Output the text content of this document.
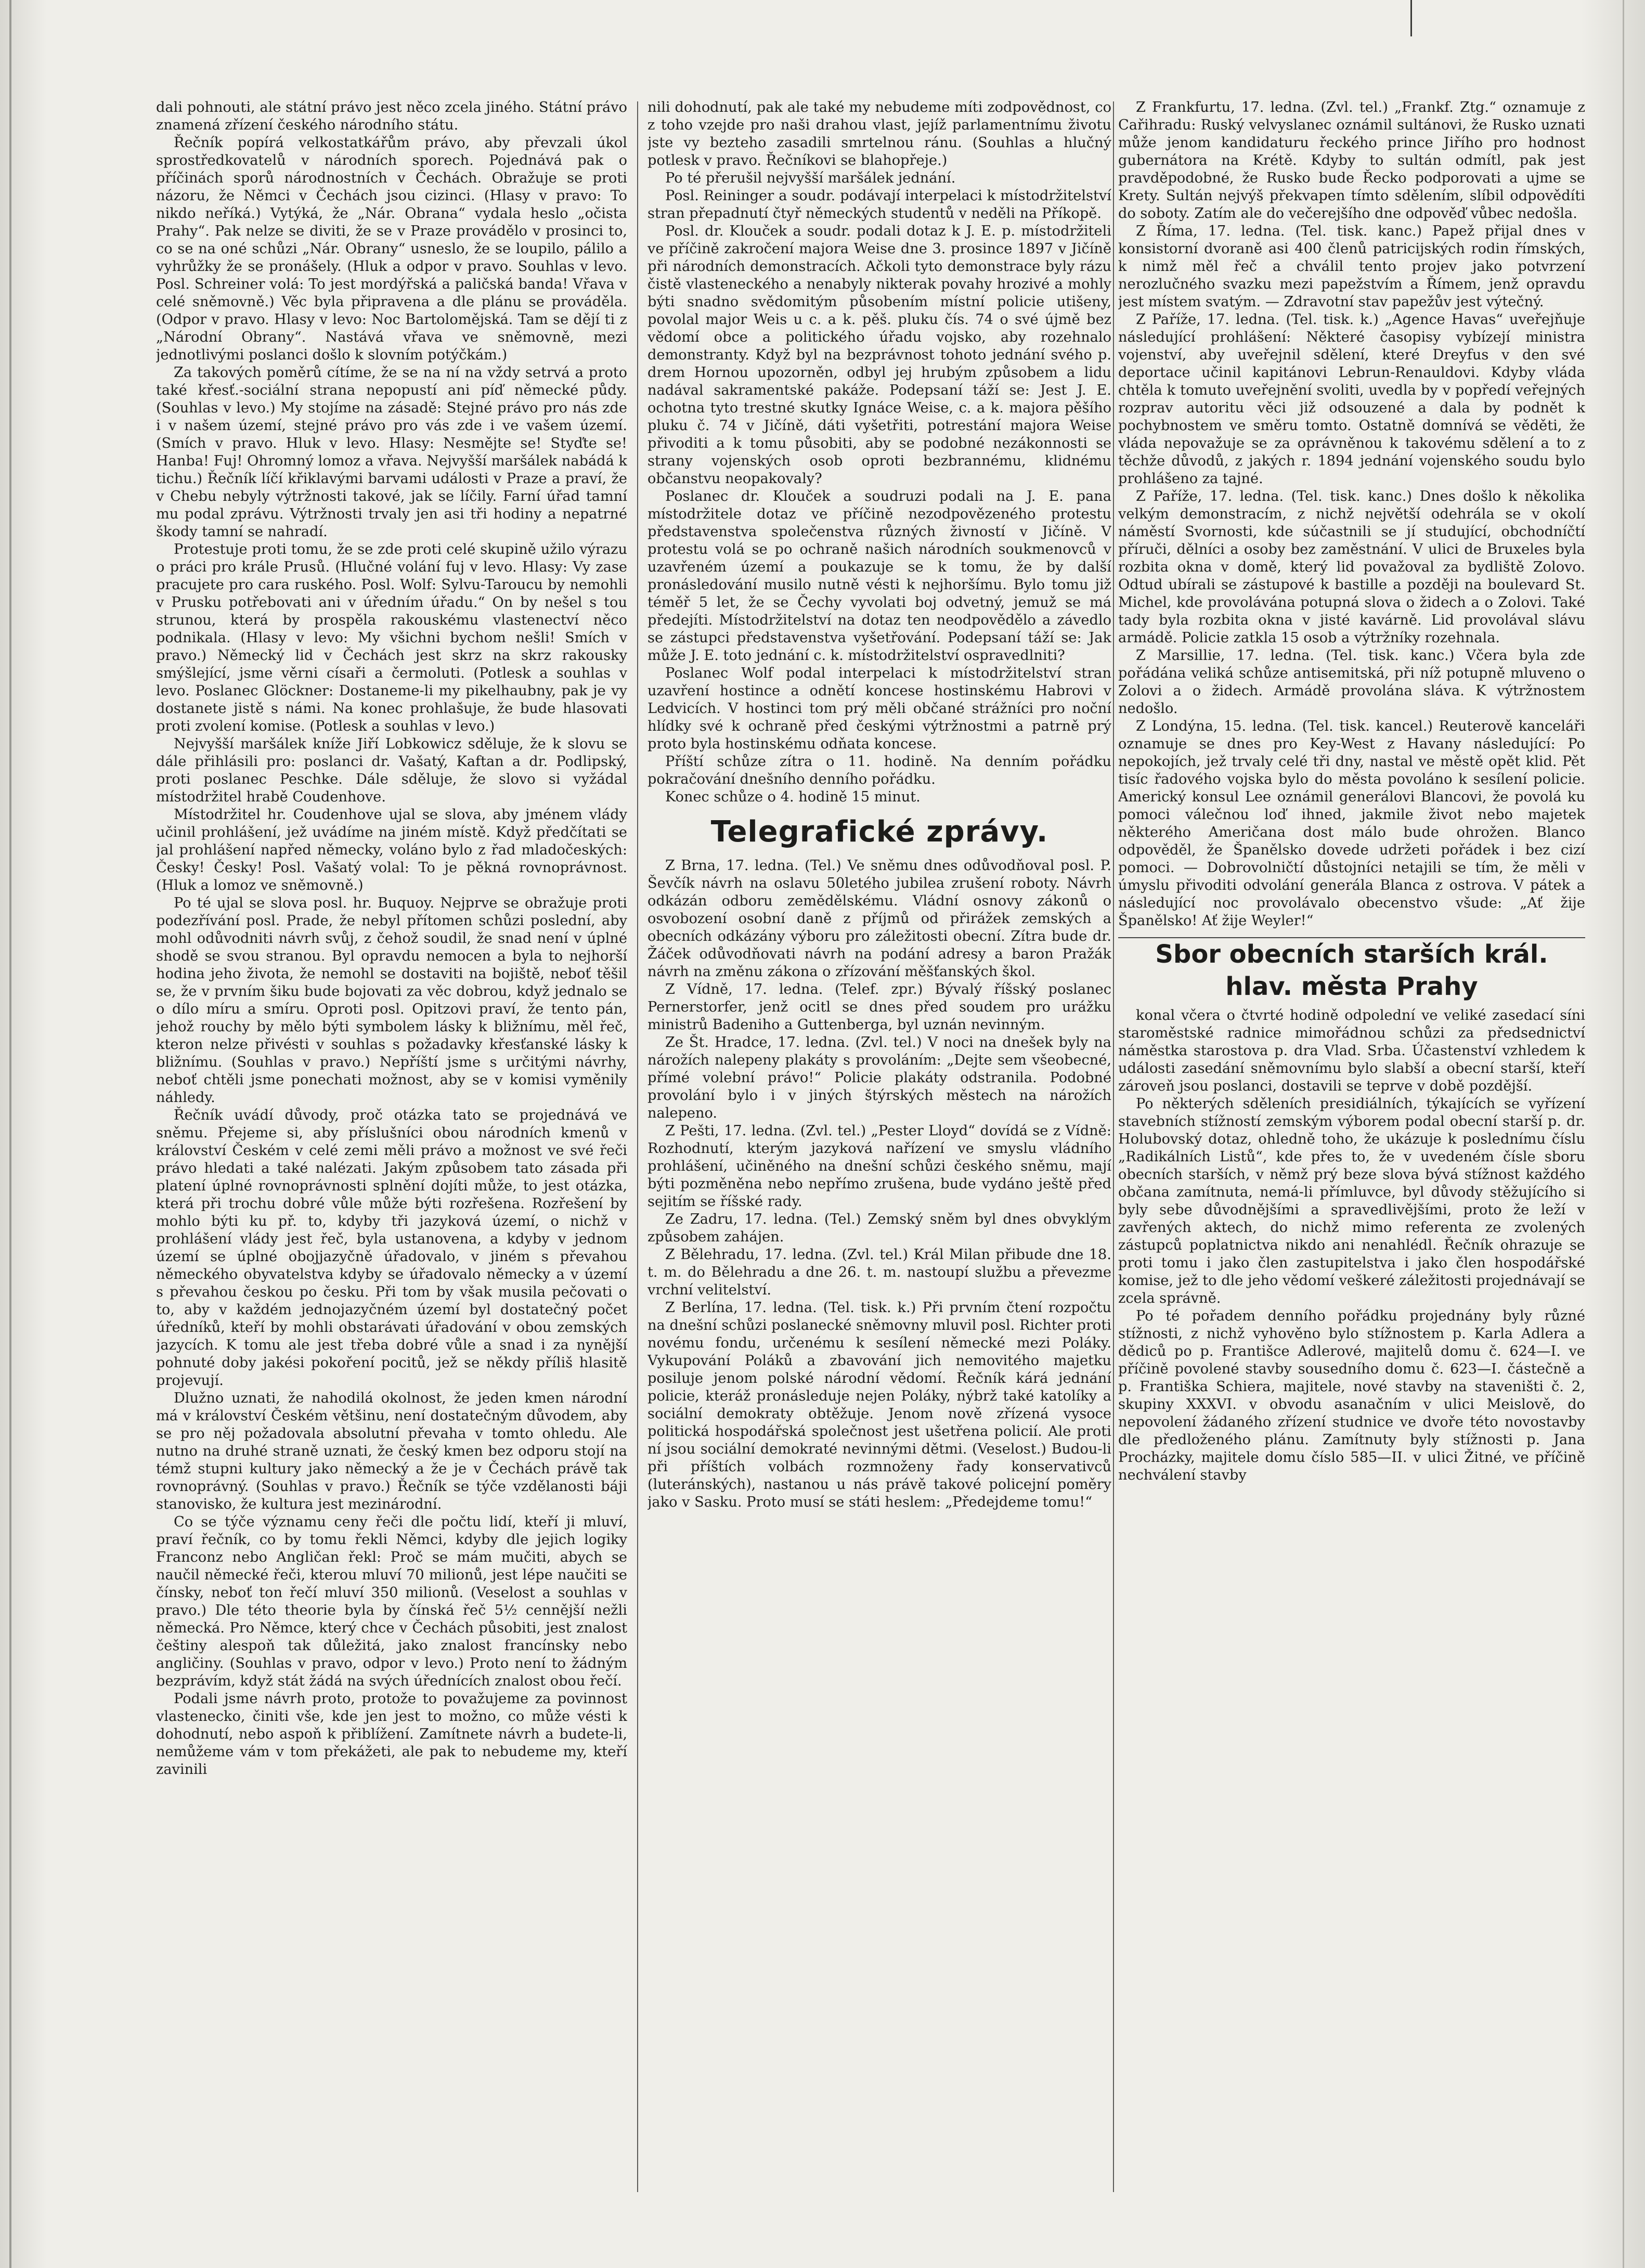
dali pohnouti, ale státní právo jest něco zcela jiného. Státní právo znamená zřízení českého národního státu.

Řečník popírá velkostatkářům právo, aby převzali úkol sprostředkovatelů v národních sporech. Pojednává pak o příčinách sporů národnostních v Čechách. Obražuje se proti názoru, že Němci v Čechách jsou cizinci. (Hlasy v pravo: To nikdo neříká.) Vytýká, že „Nár. Obrana“ vydala heslo „očista Prahy“. Pak nelze se diviti, že se v Praze provádělo v prosinci to, co se na oné schůzi „Nár. Obrany“ usneslo, že se loupilo, pálilo a vyhrůžky že se pronášely. (Hluk a odpor v pravo. Souhlas v levo. Posl. Schreiner volá: To jest mordýřská a paličská banda! Vřava v celé sněmovně.) Věc byla připravena a dle plánu se prováděla. (Odpor v pravo. Hlasy v levo: Noc Bartolomějská. Tam se dějí ti z „Národní Obrany“. Nastává vřava ve sněmovně, mezi jednotlivými poslanci došlo k slovním potýčkám.)

Za takových poměrů cítíme, že se na ní na vždy setrvá a proto také křesť.-sociální strana nepopustí ani píď německé půdy. (Souhlas v levo.) My stojíme na zásadě: Stejné právo pro nás zde i v našem území, stejné právo pro vás zde i ve vašem území. (Smích v pravo. Hluk v levo. Hlasy: Nesmějte se! Styďte se! Hanba! Fuj! Ohromný lomoz a vřava. Nejvyšší maršálek nabádá k tichu.) Řečník líčí křiklavými barvami události v Praze a praví, že v Chebu nebyly výtržnosti takové, jak se líčily. Farní úřad tamní mu podal zprávu. Výtržnosti trvaly jen asi tři hodiny a nepatrné škody tamní se nahradí.

Protestuje proti tomu, že se zde proti celé skupině užilo výrazu o práci pro krále Prusů. (Hlučné volání fuj v levo. Hlasy: Vy zase pracujete pro cara ruského. Posl. Wolf: Sylvu-Taroucu by nemohli v Prusku potřebovati ani v úředním úřadu.“ On by nešel s tou strunou, která by prospěla rakouskému vlastenectví něco podnikala. (Hlasy v levo: My všichni bychom nešli! Smích v pravo.) Německý lid v Čechách jest skrz na skrz rakousky smýšlející, jsme věrni císaři a čermoluti. (Potlesk a souhlas v levo. Poslanec Glöckner: Dostaneme-li my pikelhaubny, pak je vy dostanete jistě s námi. Na konec prohlašuje, že bude hlasovati proti zvolení komise. (Potlesk a souhlas v levo.)

Nejvyšší maršálek kníže Jiří Lobkowicz sděluje, že k slovu se dále přihlásili pro: poslanci dr. Vašatý, Kaftan a dr. Podlipský, proti poslanec Peschke. Dále sděluje, že slovo si vyžádal místodržitel hrabě Coudenhove.

Místodržitel hr. Coudenhove ujal se slova, aby jménem vlády učinil prohlášení, jež uvádíme na jiném místě. Když předčítati se jal prohlášení napřed německy, voláno bylo z řad mladočeských: Česky! Česky! Posl. Vašatý volal: To je pěkná rovnoprávnost. (Hluk a lomoz ve sněmovně.)

Po té ujal se slova posl. hr. Buquoy. Nejprve se obražuje proti podezřívání posl. Prade, že nebyl přítomen schůzi poslední, aby mohl odůvodniti návrh svůj, z čehož soudil, že snad není v úplné shodě se svou stranou. Byl opravdu nemocen a byla to nejhorší hodina jeho života, že nemohl se dostaviti na bojiště, neboť těšil se, že v prvním šiku bude bojovati za věc dobrou, když jednalo se o dílo míru a smíru. Oproti posl. Opitzovi praví, že tento pán, jehož rouchy by mělo býti symbolem lásky k bližnímu, měl řeč, kteron nelze přivésti v souhlas s požadavky křesťanské lásky k bližnímu. (Souhlas v pravo.) Nepříští jsme s určitými návrhy, neboť chtěli jsme ponechati možnost, aby se v komisi vyměnily náhledy.

Řečník uvádí důvody, proč otázka tato se projednává ve sněmu. Přejeme si, aby příslušníci obou národních kmenů v království Českém v celé zemi měli právo a možnost ve své řeči právo hledati a také nalézati. Jakým způsobem tato zásada při platení úplné rovnoprávnosti splnění dojíti může, to jest otázka, která při trochu dobré vůle může býti rozřešena. Rozřešení by mohlo býti ku př. to, kdyby tři jazyková území, o nichž v prohlášení vlády jest řeč, byla ustanovena, a kdyby v jednom území se úplné obojjazyčně úřadovalo, v jiném s převahou německého obyvatelstva kdyby se úřadovalo německy a v území s převahou českou po česku. Při tom by však musila pečovati o to, aby v každém jednojazyčném území byl dostatečný počet úředníků, kteří by mohli obstarávati úřadování v obou zemských jazycích. K tomu ale jest třeba dobré vůle a snad i za nynější pohnuté doby jakési pokoření pocitů, jež se někdy příliš hlasitě projevují.

Dlužno uznati, že nahodilá okolnost, že jeden kmen národní má v království Českém většinu, není dostatečným důvodem, aby se pro něj požadovala absolutní převaha v tomto ohledu. Ale nutno na druhé straně uznati, že český kmen bez odporu stojí na témž stupni kultury jako německý a že je v Čechách právě tak rovnoprávný. (Souhlas v pravo.) Řečník se týče vzdělanosti báji stanovisko, že kultura jest mezinárodní.

Co se týče významu ceny řeči dle počtu lidí, kteří ji mluví, praví řečník, co by tomu řekli Němci, kdyby dle jejich logiky Franconz nebo Angličan řekl: Proč se mám mučiti, abych se naučil německé řeči, kterou mluví 70 milionů, jest lépe naučiti se čínsky, neboť ton řečí mluví 350 milionů. (Veselost a souhlas v pravo.) Dle této theorie byla by čínská řeč 5½ cennější nežli německá. Pro Němce, který chce v Čechách působiti, jest znalost češtiny alespoň tak důležitá, jako znalost francínsky nebo angličiny. (Souhlas v pravo, odpor v levo.) Proto není to žádným bezprávím, když stát žádá na svých úřednících znalost obou řečí.

Podali jsme návrh proto, protože to považujeme za povinnost vlastenecko, činiti vše, kde jen jest to možno, co může vésti k dohodnutí, nebo aspoň k přiblížení. Zamítnete návrh a budete-li, nemůžeme vám v tom překážeti, ale pak to nebudeme my, kteří zavinili

nili dohodnutí, pak ale také my nebudeme míti zodpovědnost, co z toho vzejde pro naši drahou vlast, jejíž parlamentnímu životu jste vy bezteho zasadili smrtelnou ránu. (Souhlas a hlučný potlesk v pravo. Řečníkovi se blahopřeje.)

Po té přerušil nejvyšší maršálek jednání.

Posl. Reininger a soudr. podávají interpelaci k místodržitelství stran přepadnutí čtyř německých studentů v neděli na Příkopě.

Posl. dr. Klouček a soudr. podali dotaz k J. E. p. místodržiteli ve příčině zakročení majora Weise dne 3. prosince 1897 v Jičíně při národních demonstracích. Ačkoli tyto demonstrace byly rázu čistě vlasteneckého a nenabyly nikterak povahy hrozivé a mohly býti snadno svědomitým působením místní policie utišeny, povolal major Weis u c. a k. pěš. pluku čís. 74 o své újmě bez vědomí obce a politického úřadu vojsko, aby rozehnalo demonstranty. Když byl na bezprávnost tohoto jednání svého p. drem Hornou upozorněn, odbyl jej hrubým způsobem a lidu nadával sakramentské pakáže. Podepsaní táží se: Jest J. E. ochotna tyto trestné skutky Ignáce Weise, c. a k. majora pěšího pluku č. 74 v Jičíně, dáti vyšetřiti, potrestání majora Weise přivoditi a k tomu působiti, aby se podobné nezákonnosti se strany vojenských osob oproti bezbrannému, klidnému občanstvu neopakovaly?

Poslanec dr. Klouček a soudruzi podali na J. E. pana místodržitele dotaz ve příčině nezodpovězeného protestu představenstva společenstva různých živností v Jičíně. V protestu volá se po ochraně našich národních soukmenovců v uzavřeném území a poukazuje se k tomu, že by další pronásledování musilo nutně vésti k nejhoršímu. Bylo tomu již téměř 5 let, že se Čechy vyvolati boj odvetný, jemuž se má předejíti. Místodržitelství na dotaz ten neodpovědělo a závedlo se zástupci představenstva vyšetřování. Podepsaní táží se: Jak může J. E. toto jednání c. k. místodržitelství ospravedlniti?

Poslanec Wolf podal interpelaci k místodržitelství stran uzavření hostince a odnětí koncese hostinskému Habrovi v Ledvicích. V hostinci tom prý měli občané strážníci pro noční hlídky své k ochraně před českými výtržnostmi a patrně prý proto byla hostinskému odňata koncese.

Příští schůze zítra o 11. hodině. Na denním pořádku pokračování dnešního denního pořádku.

Konec schůze o 4. hodině 15 minut.

Telegrafické zprávy.

Z Brna, 17. ledna. (Tel.) Ve sněmu dnes odůvodňoval posl. P. Ševčík návrh na oslavu 50letého jubilea zrušení roboty. Návrh odkázán odboru zemědělskému. Vládní osnovy zákonů o osvobození osobní daně z příjmů od přirážek zemských a obecních odkázány výboru pro záležitosti obecní. Zítra bude dr. Žáček odůvodňovati návrh na podání adresy a baron Pražák návrh na změnu zákona o zřízování měšťanských škol.

Z Vídně, 17. ledna. (Telef. zpr.) Bývalý říšský poslanec Pernerstorfer, jenž ocitl se dnes před soudem pro urážku ministrů Badeniho a Guttenberga, byl uznán nevinným.

Ze Št. Hradce, 17. ledna. (Zvl. tel.) V noci na dnešek byly na nárožích nalepeny plakáty s provoláním: „Dejte sem všeobecné, přímé volební právo!“ Policie plakáty odstranila. Podobné provolání bylo i v jiných štýrských městech na nárožích nalepeno.

Z Pešti, 17. ledna. (Zvl. tel.) „Pester Lloyd“ dovídá se z Vídně: Rozhodnutí, kterým jazyková nařízení ve smyslu vládního prohlášení, učiněného na dnešní schůzi českého sněmu, mají býti pozměněna nebo nepřímo zrušena, bude vydáno ještě před sejitím se říšské rady.

Ze Zadru, 17. ledna. (Tel.) Zemský sněm byl dnes obvyklým způsobem zahájen.

Z Bělehradu, 17. ledna. (Zvl. tel.) Král Milan přibude dne 18. t. m. do Bělehradu a dne 26. t. m. nastoupí službu a převezme vrchní velitelství.

Z Berlína, 17. ledna. (Tel. tisk. k.) Při prvním čtení rozpočtu na dnešní schůzi poslanecké sněmovny mluvil posl. Richter proti novému fondu, určenému k sesílení německé mezi Poláky. Vykupování Poláků a zbavování jich nemovitého majetku posiluje jenom polské národní vědomí. Řečník kárá jednání policie, kteráž pronásleduje nejen Poláky, nýbrž také katolíky a sociální demokraty obtěžuje. Jenom nově zřízená vysoce politická hospodářská společnost jest ušetřena policií. Ale proti ní jsou sociální demokraté nevinnými dětmi. (Veselost.) Budou-li při příštích volbách rozmnoženy řady konservativců (luteránských), nastanou u nás právě takové policejní poměry jako v Sasku. Proto musí se státi heslem: „Předejdeme tomu!“

Z Frankfurtu, 17. ledna. (Zvl. tel.) „Frankf. Ztg.“ oznamuje z Cařihradu: Ruský velvyslanec oznámil sultánovi, že Rusko uznati může jenom kandidaturu řeckého prince Jiřího pro hodnost gubernátora na Krétě. Kdyby to sultán odmítl, pak jest pravděpodobné, že Rusko bude Řecko podporovati a ujme se Krety. Sultán nejvýš překvapen tímto sdělením, slíbil odpovědíti do soboty. Zatím ale do večerejšího dne odpověď vůbec nedošla.

Z Říma, 17. ledna. (Tel. tisk. kanc.) Papež přijal dnes v konsistorní dvoraně asi 400 členů patricijských rodin římských, k nimž měl řeč a chválil tento projev jako potvrzení nerozlučného svazku mezi papežstvím a Římem, jenž opravdu jest místem svatým. — Zdravotní stav papežův jest výtečný.

Z Paříže, 17. ledna. (Tel. tisk. k.) „Agence Havas“ uveřejňuje následující prohlášení: Některé časopisy vybízejí ministra vojenství, aby uveřejnil sdělení, které Dreyfus v den své deportace učinil kapitánovi Lebrun-Renauldovi. Kdyby vláda chtěla k tomuto uveřejnění svoliti, uvedla by v popředí veřejných rozprav autoritu věci již odsouzené a dala by podnět k pochybnostem ve směru tomto. Ostatně domnívá se věděti, že vláda nepovažuje se za oprávněnou k takovému sdělení a to z těchže důvodů, z jakých r. 1894 jednání vojenského soudu bylo prohlášeno za tajné.

Z Paříže, 17. ledna. (Tel. tisk. kanc.) Dnes došlo k několika velkým demonstracím, z nichž největší odehrála se v okolí náměstí Svornosti, kde súčastnili se jí studující, obchodníčtí příruči, dělníci a osoby bez zaměstnání. V ulici de Bruxeles byla rozbita okna v domě, který lid považoval za bydliště Zolovo. Odtud ubírali se zástupové k bastille a později na boulevard St. Michel, kde provolávána potupná slova o židech a o Zolovi. Také tady byla rozbita okna v jisté kavárně. Lid provolával slávu armádě. Policie zatkla 15 osob a výtržníky rozehnala.

Z Marsillie, 17. ledna. (Tel. tisk. kanc.) Včera byla zde pořádána veliká schůze antisemitská, při níž potupně mluveno o Zolovi a o židech. Armádě provolána sláva. K výtržnostem nedošlo.

Z Londýna, 15. ledna. (Tel. tisk. kancel.) Reuterově kanceláři oznamuje se dnes pro Key-West z Havany následující: Po nepokojích, jež trvaly celé tři dny, nastal ve městě opět klid. Pět tisíc řadového vojska bylo do města povoláno k sesílení policie. Americký konsul Lee oznámil generálovi Blancovi, že povolá ku pomoci válečnou loď ihned, jakmile život nebo majetek některého Američana dost málo bude ohrožen. Blanco odpověděl, že Španělsko dovede udržeti pořádek i bez cizí pomoci. — Dobrovolničtí důstojníci netajili se tím, že měli v úmyslu přivoditi odvolání generála Blanca z ostrova. V pátek a následující noc provolávalo obecenstvo všude: „Ať žije Španělsko! Ať žije Weyler!“

Sbor obecních starších král. hlav. města Prahy

konal včera o čtvrté hodině odpolední ve veliké zasedací síni staroměstské radnice mimořádnou schůzi za předsednictví náměstka starostova p. dra Vlad. Srba. Účastenství vzhledem k události zasedání sněmovnímu bylo slabší a obecní starší, kteří zároveň jsou poslanci, dostavili se teprve v době pozdější.

Po některých sděleních presidiálních, týkajících se vyřízení stavebních stížností zemským výborem podal obecní starší p. dr. Holubovský dotaz, ohledně toho, že ukázuje k poslednímu číslu „Radikálních Listů“, kde přes to, že v uvedeném čísle sboru obecních starších, v němž prý beze slova bývá stížnost každého občana zamítnuta, nemá-li přímluvce, byl důvody stěžujícího si byly sebe důvodnějšími a spravedlivějšími, proto že leží v zavřených aktech, do nichž mimo referenta ze zvolených zástupců poplatnictva nikdo ani nenahlédl. Řečník ohrazuje se proti tomu i jako člen zastupitelstva i jako člen hospodářské komise, jež to dle jeho vědomí veškeré záležitosti projednávají se zcela správně.

Po té pořadem denního pořádku projednány byly různé stížnosti, z nichž vyhověno bylo stížnostem p. Karla Adlera a dědiců po p. Františce Adlerové, majitelů domu č. 624—I. ve příčině povolené stavby sousedního domu č. 623—I. částečně a p. Františka Schiera, majitele, nové stavby na staveništi č. 2, skupiny XXXVI. v obvodu asanačním v ulici Meislově, do nepovolení žádaného zřízení studnice ve dvoře této novostavby dle předloženého plánu. Zamítnuty byly stížnosti p. Jana Procházky, majitele domu číslo 585—II. v ulici Žitné, ve příčině nechválení stavby
